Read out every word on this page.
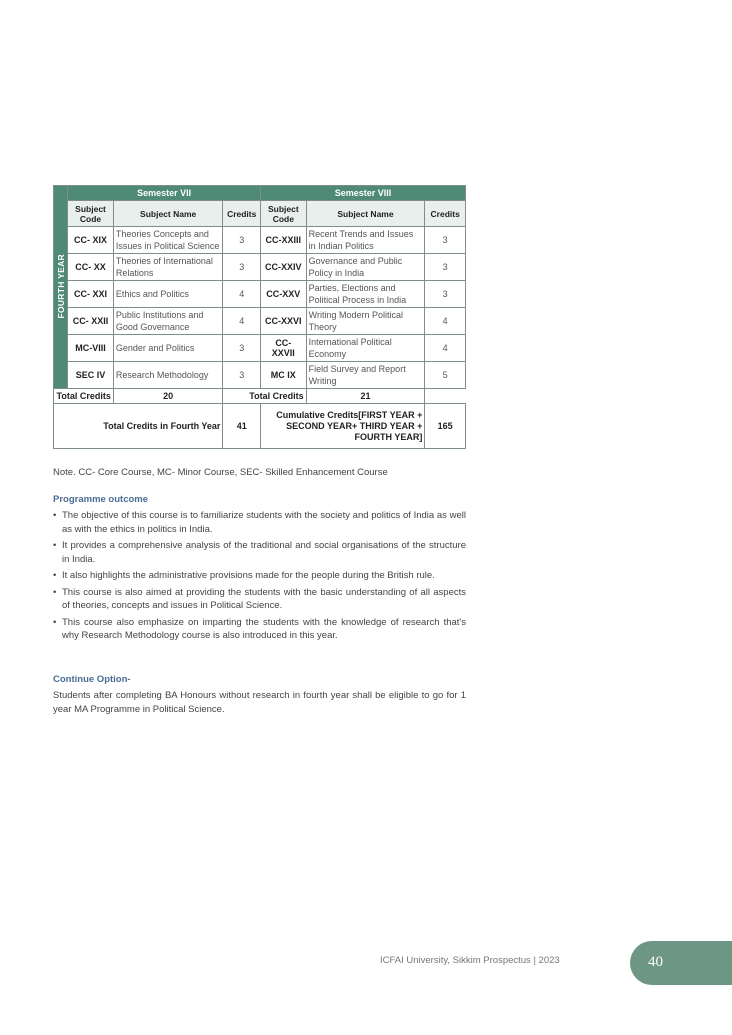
FOURTH YEAR	Semester VII			Semester VIII		
	Subject Code	Subject Name	Credits	Subject Code	Subject Name	Credits
	CC- XIX	Theories Concepts and Issues in Political Science	3	CC-XXIII	Recent Trends and Issues in Indian Politics	3
	CC- XX	Theories of International Relations	3	CC-XXIV	Governance and Public Policy in India	3
	CC- XXI	Ethics and Politics	4	CC-XXV	Parties, Elections and Political Process in India	3
	CC- XXII	Public Institutions and Good Governance	4	CC-XXVI	Writing Modern Political Theory	4
	MC-VIII	Gender and Politics	3	CC- XXVII	International Political Economy	4
	SEC IV	Research Methodology	3	MC IX	Field Survey and Report Writing	5
Total Credits		20	Total Credits		21	
Total Credits in Fourth Year			41	Cumulative Credits[FIRST YEAR + SECOND YEAR+ THIRD YEAR + FOURTH YEAR]		165
Note. CC- Core Course, MC- Minor Course, SEC- Skilled Enhancement Course
Programme outcome
• The objective of this course is to familiarize students with the society and politics of India as well as with the ethics in politics in India.
• It provides a comprehensive analysis of the traditional and social organisations of the structure in India.
• It also highlights the administrative provisions made for the people during the British rule.
• This course is also aimed at providing the students with the basic understanding of all aspects of theories, concepts and issues in Political Science.
• This course also emphasize on imparting the students with the knowledge of research that's why Research Methodology course is also introduced in this year.
Continue Option-
Students after completing BA Honours without research in fourth year shall be eligible to go for 1 year MA Programme in Political Science.
ICFAI University, Sikkim Prospectus | 2023	40
